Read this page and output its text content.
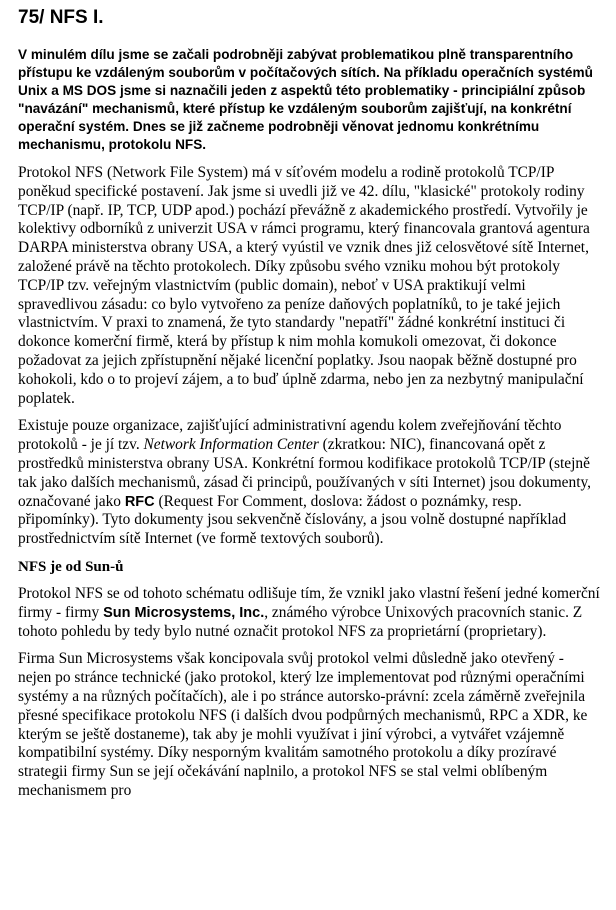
75/ NFS I.

V minulém dílu jsme se začali podrobněji zabývat problematikou plně transparentního přístupu ke vzdáleným souborům v počítačových sítích. Na příkladu operačních systémů Unix a MS DOS jsme si naznačili jeden z aspektů této problematiky - principiální způsob "navázání" mechanismů, které přístup ke vzdáleným souborům zajišťují, na konkrétní operační systém. Dnes se již začneme podrobněji věnovat jednomu konkrétnímu mechanismu, protokolu NFS.

Protokol NFS (Network File System) má v síťovém modelu a rodině protokolů TCP/IP poněkud specifické postavení. Jak jsme si uvedli již ve 42. dílu, "klasické" protokoly rodiny TCP/IP (např. IP, TCP, UDP apod.) pochází převážně z akademického prostředí. Vytvořily je kolektivy odborníků z univerzit USA v rámci programu, který financovala grantová agentura DARPA ministerstva obrany USA, a který vyústil ve vznik dnes již celosvětové sítě Internet, založené právě na těchto protokolech. Díky způsobu svého vzniku mohou být protokoly TCP/IP tzv. veřejným vlastnictvím (public domain), neboť v USA praktikují velmi spravedlivou zásadu: co bylo vytvořeno za peníze daňových poplatníků, to je také jejich vlastnictvím. V praxi to znamená, že tyto standardy "nepatří" žádné konkrétní instituci či dokonce komerční firmě, která by přístup k nim mohla komukoli omezovat, či dokonce požadovat za jejich zpřístupnění nějaké licenční poplatky. Jsou naopak běžně dostupné pro kohokoli, kdo o to projeví zájem, a to buď úplně zdarma, nebo jen za nezbytný manipulační poplatek.

Existuje pouze organizace, zajišťující administrativní agendu kolem zveřejňování těchto protokolů - je jí tzv. Network Information Center (zkratkou: NIC), financovaná opět z prostředků ministerstva obrany USA. Konkrétní formou kodifikace protokolů TCP/IP (stejně tak jako dalších mechanismů, zásad či principů, používaných v síti Internet) jsou dokumenty, označované jako RFC (Request For Comment, doslova: žádost o poznámky, resp. připomínky). Tyto dokumenty jsou sekvenčně číslovány, a jsou volně dostupné například prostřednictvím sítě Internet (ve formě textových souborů).

NFS je od Sun-ů

Protokol NFS se od tohoto schématu odlišuje tím, že vznikl jako vlastní řešení jedné komerční firmy - firmy Sun Microsystems, Inc., známého výrobce Unixových pracovních stanic. Z tohoto pohledu by tedy bylo nutné označit protokol NFS za proprietární (proprietary).

Firma Sun Microsystems však koncipovala svůj protokol velmi důsledně jako otevřený - nejen po stránce technické (jako protokol, který lze implementovat pod různými operačními systémy a na různých počítačích), ale i po stránce autorsko-právní: zcela záměrně zveřejnila přesné specifikace protokolu NFS (i dalších dvou podpůrných mechanismů, RPC a XDR, ke kterým se ještě dostaneme), tak aby je mohli využívat i jiní výrobci, a vytvářet vzájemně kompatibilní systémy. Díky nesporným kvalitám samotného protokolu a díky prozíravé strategii firmy Sun se její očekávání naplnilo, a protokol NFS se stal velmi oblíbeným mechanismem pro
